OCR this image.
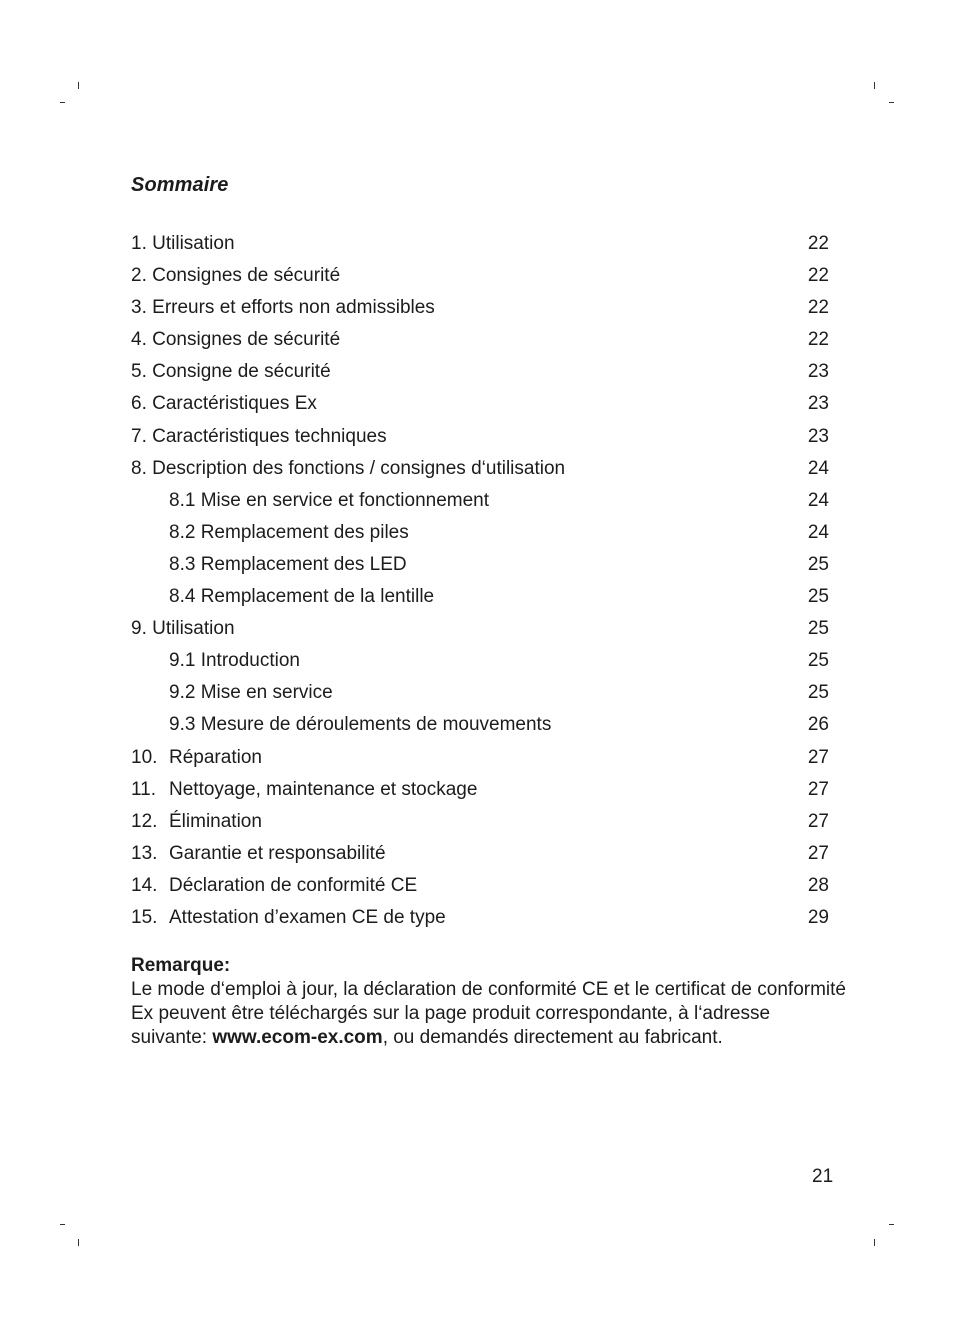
Sommaire
1. Utilisation	22
2. Consignes de sécurité	22
3. Erreurs et efforts non admissibles	22
4. Consignes de sécurité	22
5. Consigne de sécurité	23
6. Caractéristiques Ex	23
7. Caractéristiques techniques	23
8. Description des fonctions / consignes d‘utilisation	24
8.1 Mise en service et fonctionnement	24
8.2 Remplacement des piles	24
8.3 Remplacement des LED	25
8.4 Remplacement de la lentille	25
9. Utilisation	25
9.1 Introduction	25
9.2 Mise en service	25
9.3 Mesure de déroulements de mouvements	26
10. Réparation	27
11. Nettoyage, maintenance et stockage	27
12. Élimination	27
13. Garantie et responsabilité	27
14. Déclaration de conformité CE	28
15. Attestation d’examen CE de type	29
Remarque:
Le mode d‘emploi à jour, la déclaration de conformité CE et le certificat de conformité Ex peuvent être téléchargés sur la page produit correspondante, à l‘adresse suivante: www.ecom-ex.com, ou demandés directement au fabricant.
21
